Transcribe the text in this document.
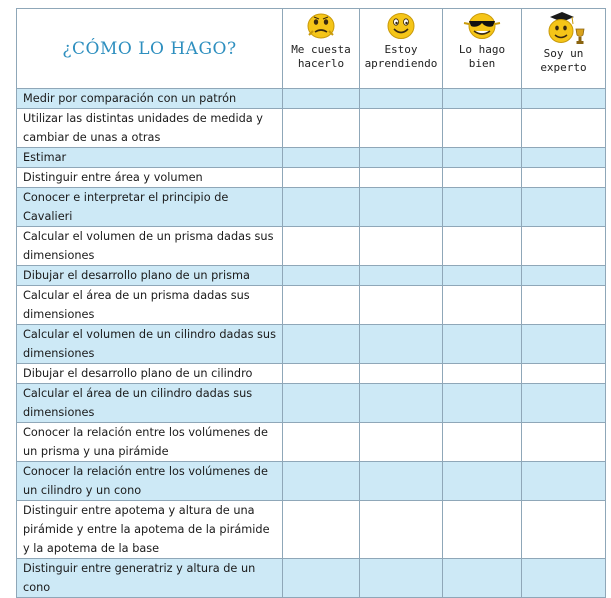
¿CÓMO LO HAGO?	Me cuesta hacerlo	Estoy aprendiendo	Lo hago bien	Soy un experto

Medir por comparación con un patrón				
Utilizar las distintas unidades de medida y cambiar de unas a otras				
Estimar				
Distinguir entre área y volumen				
Conocer e interpretar el principio de Cavalieri				
Calcular el volumen de un prisma dadas sus dimensiones				
Dibujar el desarrollo plano de un prisma				
Calcular el área de un prisma dadas sus dimensiones				
Calcular el volumen de un cilindro dadas sus dimensiones				
Dibujar el desarrollo plano de un cilindro				
Calcular el área de un cilindro dadas sus dimensiones				
Conocer la relación entre los volúmenes de un prisma y una pirámide				
Conocer la relación entre los volúmenes de un cilindro y un cono				
Distinguir entre apotema y altura de una pirámide y entre la apotema de la pirámide y la apotema de la base				
Distinguir entre generatriz y altura de un cono				
